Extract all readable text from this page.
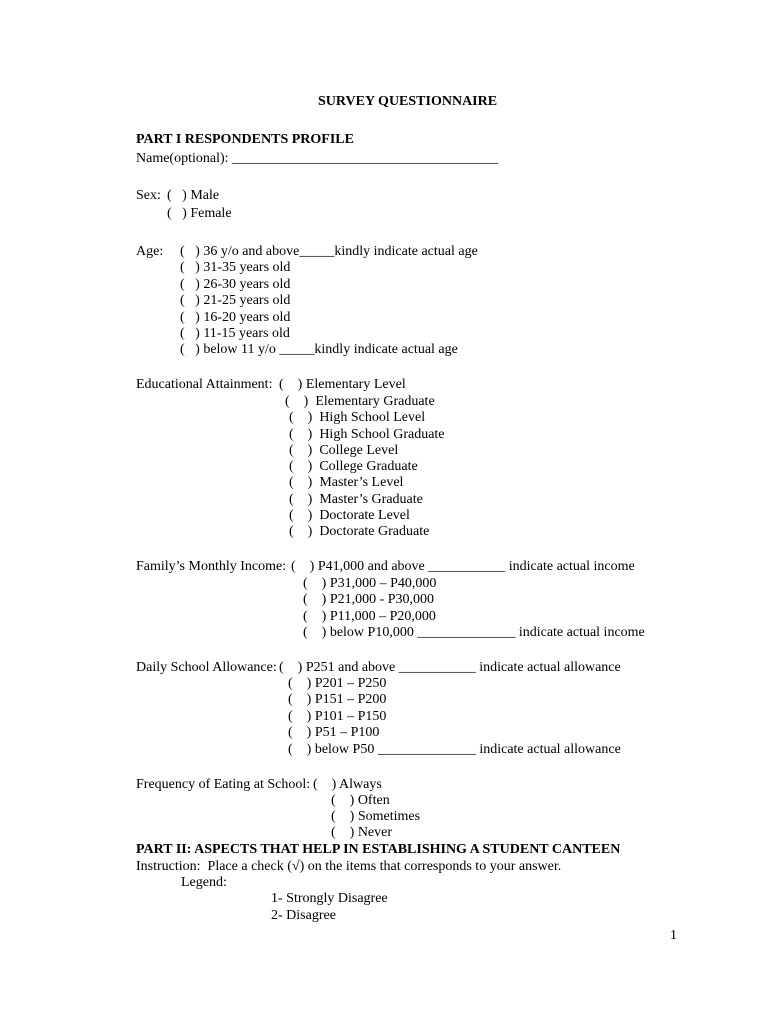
SURVEY QUESTIONNAIRE
PART I RESPONDENTS PROFILE
Name(optional): ______________________________________
Sex: (   ) Male
(   ) Female
Age: (   ) 36 y/o and above_____kindly indicate actual age
(   ) 31-35 years old
(   ) 26-30 years old
(   ) 21-25 years old
(   ) 16-20 years old
(   ) 11-15 years old
(   ) below 11 y/o _____kindly indicate actual age
Educational Attainment: (    ) Elementary Level
(    )  Elementary Graduate
(    )  High School Level
(    )  High School Graduate
(    )  College Level
(    )  College Graduate
(    )  Master’s Level
(    )  Master’s Graduate
(    )  Doctorate Level
(    )  Doctorate Graduate
Family’s Monthly Income: (    ) P41,000 and above ___________ indicate actual income
(    ) P31,000 – P40,000
(    ) P21,000 - P30,000
(    ) P11,000 – P20,000
(    ) below P10,000 ______________ indicate actual income
Daily School Allowance: (    ) P251 and above ___________ indicate actual allowance
(    ) P201 – P250
(    ) P151 – P200
(    ) P101 – P150
(    ) P51 – P100
(    ) below P50 ______________ indicate actual allowance
Frequency of Eating at School: (    ) Always
(    ) Often
(    ) Sometimes
(    ) Never
PART II: ASPECTS THAT HELP IN ESTABLISHING A STUDENT CANTEEN
Instruction:  Place a check (√) on the items that corresponds to your answer.
Legend:
1- Strongly Disagree
2- Disagree
1
